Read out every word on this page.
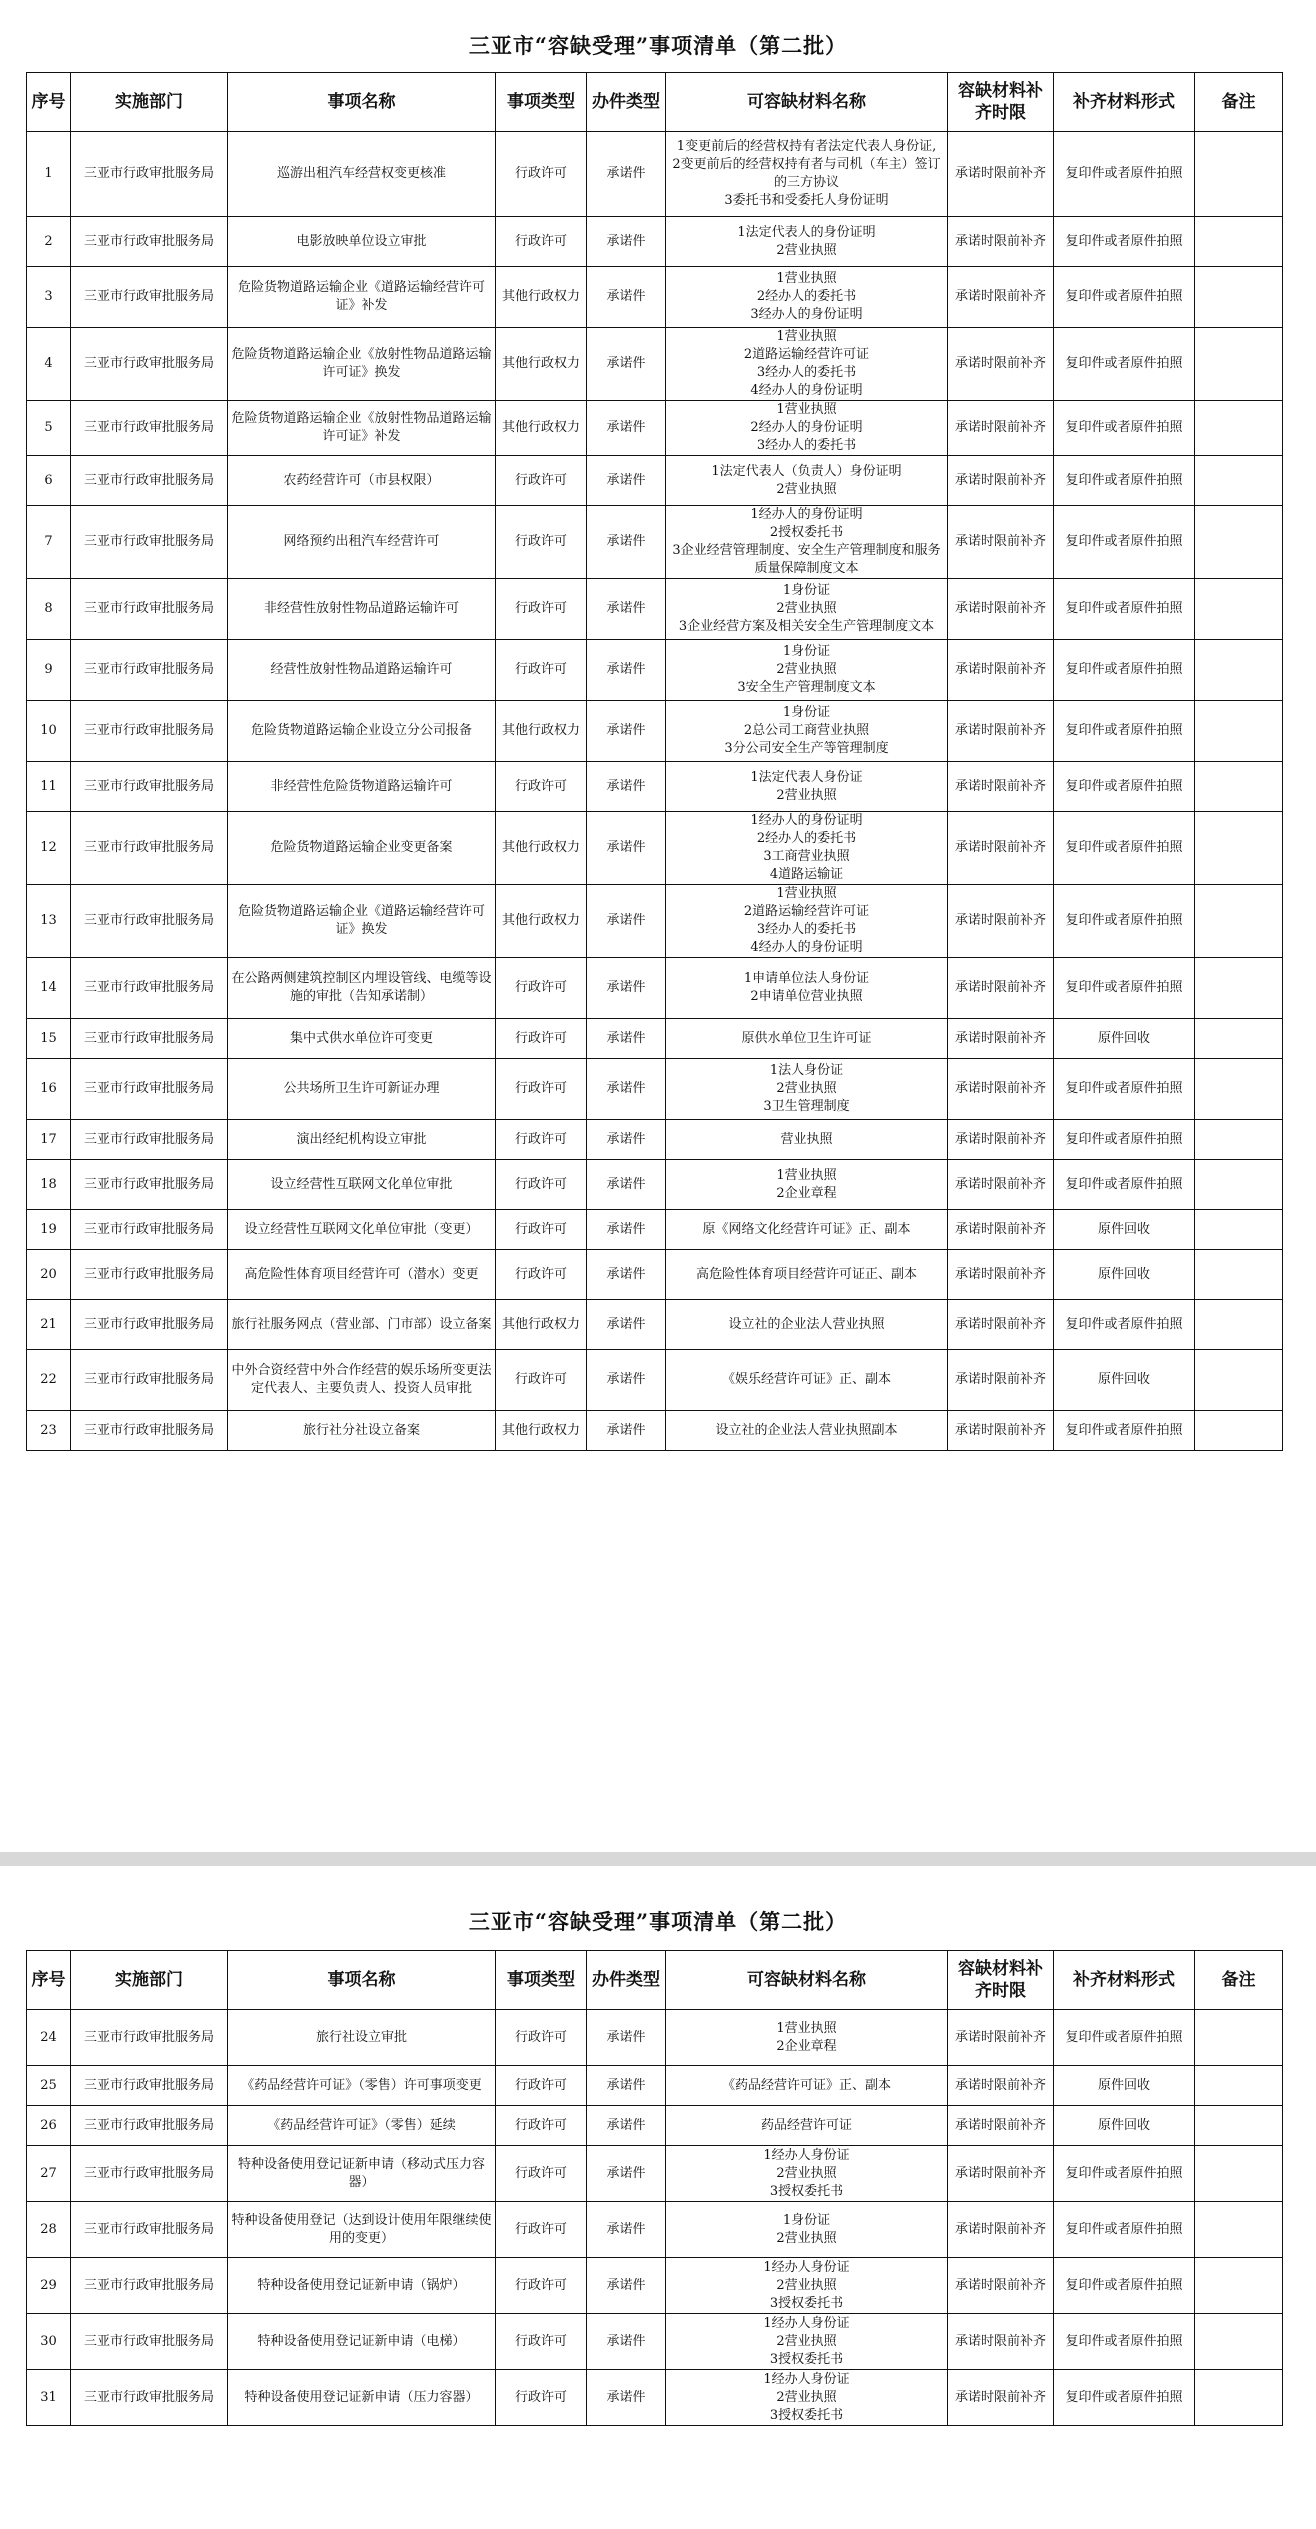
三亚市“容缺受理”事项清单（第二批）
序号	实施部门	事项名称	事项类型	办件类型	可容缺材料名称	容缺材料补齐时限	补齐材料形式	备注
1	三亚市行政审批服务局	巡游出租汽车经营权变更核准	行政许可	承诺件	1变更前后的经营权持有者法定代表人身份证,
2变更前后的经营权持有者与司机（车主）签订的三方协议
3委托书和受委托人身份证明	承诺时限前补齐	复印件或者原件拍照	
2	三亚市行政审批服务局	电影放映单位设立审批	行政许可	承诺件	1法定代表人的身份证明
2营业执照	承诺时限前补齐	复印件或者原件拍照	
3	三亚市行政审批服务局	危险货物道路运输企业《道路运输经营许可证》补发	其他行政权力	承诺件	1营业执照
2经办人的委托书
3经办人的身份证明	承诺时限前补齐	复印件或者原件拍照	
4	三亚市行政审批服务局	危险货物道路运输企业《放射性物品道路运输许可证》换发	其他行政权力	承诺件	1营业执照
2道路运输经营许可证
3经办人的委托书
4经办人的身份证明	承诺时限前补齐	复印件或者原件拍照	
5	三亚市行政审批服务局	危险货物道路运输企业《放射性物品道路运输许可证》补发	其他行政权力	承诺件	1营业执照
2经办人的身份证明
3经办人的委托书	承诺时限前补齐	复印件或者原件拍照	
6	三亚市行政审批服务局	农药经营许可（市县权限）	行政许可	承诺件	1法定代表人（负责人）身份证明
2营业执照	承诺时限前补齐	复印件或者原件拍照	
7	三亚市行政审批服务局	网络预约出租汽车经营许可	行政许可	承诺件	1经办人的身份证明
2授权委托书
3企业经营管理制度、安全生产管理制度和服务质量保障制度文本	承诺时限前补齐	复印件或者原件拍照	
8	三亚市行政审批服务局	非经营性放射性物品道路运输许可	行政许可	承诺件	1身份证
2营业执照
3企业经营方案及相关安全生产管理制度文本	承诺时限前补齐	复印件或者原件拍照	
9	三亚市行政审批服务局	经营性放射性物品道路运输许可	行政许可	承诺件	1身份证
2营业执照
3安全生产管理制度文本	承诺时限前补齐	复印件或者原件拍照	
10	三亚市行政审批服务局	危险货物道路运输企业设立分公司报备	其他行政权力	承诺件	1身份证
2总公司工商营业执照
3分公司安全生产等管理制度	承诺时限前补齐	复印件或者原件拍照	
11	三亚市行政审批服务局	非经营性危险货物道路运输许可	行政许可	承诺件	1法定代表人身份证
2营业执照	承诺时限前补齐	复印件或者原件拍照	
12	三亚市行政审批服务局	危险货物道路运输企业变更备案	其他行政权力	承诺件	1经办人的身份证明
2经办人的委托书
3工商营业执照
4道路运输证	承诺时限前补齐	复印件或者原件拍照	
13	三亚市行政审批服务局	危险货物道路运输企业《道路运输经营许可证》换发	其他行政权力	承诺件	1营业执照
2道路运输经营许可证
3经办人的委托书
4经办人的身份证明	承诺时限前补齐	复印件或者原件拍照	
14	三亚市行政审批服务局	在公路两侧建筑控制区内埋设管线、电缆等设施的审批（告知承诺制）	行政许可	承诺件	1申请单位法人身份证
2申请单位营业执照	承诺时限前补齐	复印件或者原件拍照	
15	三亚市行政审批服务局	集中式供水单位许可变更	行政许可	承诺件	原供水单位卫生许可证	承诺时限前补齐	原件回收	
16	三亚市行政审批服务局	公共场所卫生许可新证办理	行政许可	承诺件	1法人身份证
2营业执照
3卫生管理制度	承诺时限前补齐	复印件或者原件拍照	
17	三亚市行政审批服务局	演出经纪机构设立审批	行政许可	承诺件	营业执照	承诺时限前补齐	复印件或者原件拍照	
18	三亚市行政审批服务局	设立经营性互联网文化单位审批	行政许可	承诺件	1营业执照
2企业章程	承诺时限前补齐	复印件或者原件拍照	
19	三亚市行政审批服务局	设立经营性互联网文化单位审批（变更）	行政许可	承诺件	原《网络文化经营许可证》正、副本	承诺时限前补齐	原件回收	
20	三亚市行政审批服务局	高危险性体育项目经营许可（潜水）变更	行政许可	承诺件	高危险性体育项目经营许可证正、副本	承诺时限前补齐	原件回收	
21	三亚市行政审批服务局	旅行社服务网点（营业部、门市部）设立备案	其他行政权力	承诺件	设立社的企业法人营业执照	承诺时限前补齐	复印件或者原件拍照	
22	三亚市行政审批服务局	中外合资经营中外合作经营的娱乐场所变更法定代表人、主要负责人、投资人员审批	行政许可	承诺件	《娱乐经营许可证》正、副本	承诺时限前补齐	原件回收	
23	三亚市行政审批服务局	旅行社分社设立备案	其他行政权力	承诺件	设立社的企业法人营业执照副本	承诺时限前补齐	复印件或者原件拍照	
三亚市“容缺受理”事项清单（第二批）
序号	实施部门	事项名称	事项类型	办件类型	可容缺材料名称	容缺材料补齐时限	补齐材料形式	备注
24	三亚市行政审批服务局	旅行社设立审批	行政许可	承诺件	1营业执照
2企业章程	承诺时限前补齐	复印件或者原件拍照	
25	三亚市行政审批服务局	《药品经营许可证》（零售）许可事项变更	行政许可	承诺件	《药品经营许可证》正、副本	承诺时限前补齐	原件回收	
26	三亚市行政审批服务局	《药品经营许可证》（零售）延续	行政许可	承诺件	药品经营许可证	承诺时限前补齐	原件回收	
27	三亚市行政审批服务局	特种设备使用登记证新申请（移动式压力容器）	行政许可	承诺件	1经办人身份证
2营业执照
3授权委托书	承诺时限前补齐	复印件或者原件拍照	
28	三亚市行政审批服务局	特种设备使用登记（达到设计使用年限继续使用的变更）	行政许可	承诺件	1身份证
2营业执照	承诺时限前补齐	复印件或者原件拍照	
29	三亚市行政审批服务局	特种设备使用登记证新申请（锅炉）	行政许可	承诺件	1经办人身份证
2营业执照
3授权委托书	承诺时限前补齐	复印件或者原件拍照	
30	三亚市行政审批服务局	特种设备使用登记证新申请（电梯）	行政许可	承诺件	1经办人身份证
2营业执照
3授权委托书	承诺时限前补齐	复印件或者原件拍照	
31	三亚市行政审批服务局	特种设备使用登记证新申请（压力容器）	行政许可	承诺件	1经办人身份证
2营业执照
3授权委托书	承诺时限前补齐	复印件或者原件拍照	
